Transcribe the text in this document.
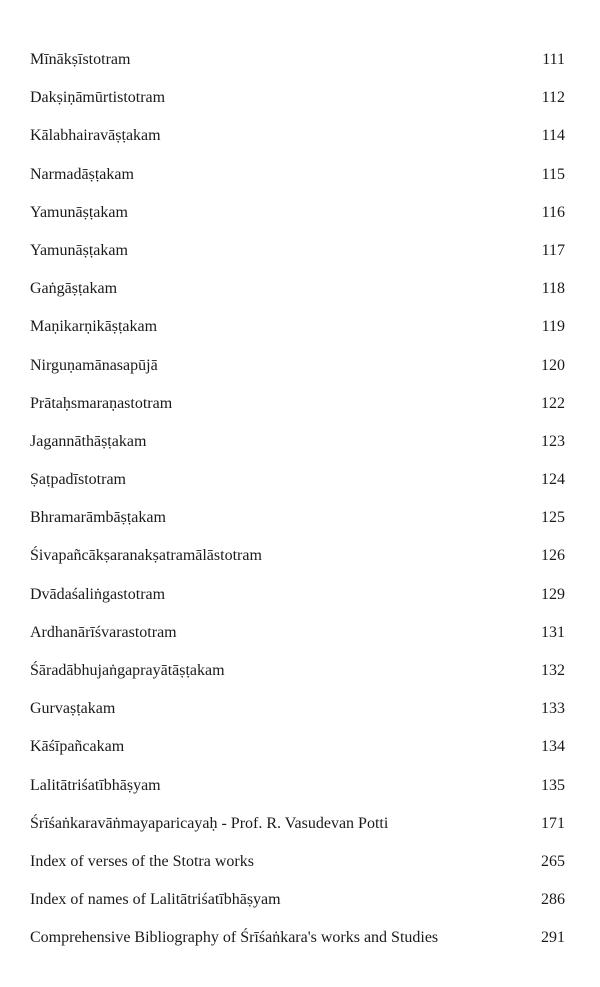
Mīnākṣīstotram	111
Dakṣiṇāmūrtistotram	112
Kālabhairavāṣṭakam	114
Narmadāṣṭakam	115
Yamunāṣṭakam	116
Yamunāṣṭakam	117
Gaṅgāṣṭakam	118
Maṇikarṇikāṣṭakam	119
Nirguṇamānasapūjā	120
Prātaḥsmaraṇastotram	122
Jagannāthāṣṭakam	123
Ṣaṭpadīstotram	124
Bhramarāmbāṣṭakam	125
Śivapañcākṣaranakṣatramālāstotram	126
Dvādaśaliṅgastotram	129
Ardhanārīśvarastotram	131
Śāradābhujaṅgaprayātāṣṭakam	132
Gurvaṣṭakam	133
Kāśīpañcakam	134
Lalitātriśatībhāṣyam	135
Śrīśaṅkaravāṅmayaparicayaḥ - Prof. R. Vasudevan Potti	171
Index of verses of the Stotra works	265
Index of names of Lalitātriśatībhāṣyam	286
Comprehensive Bibliography of Śrīśaṅkara's works and Studies	291
